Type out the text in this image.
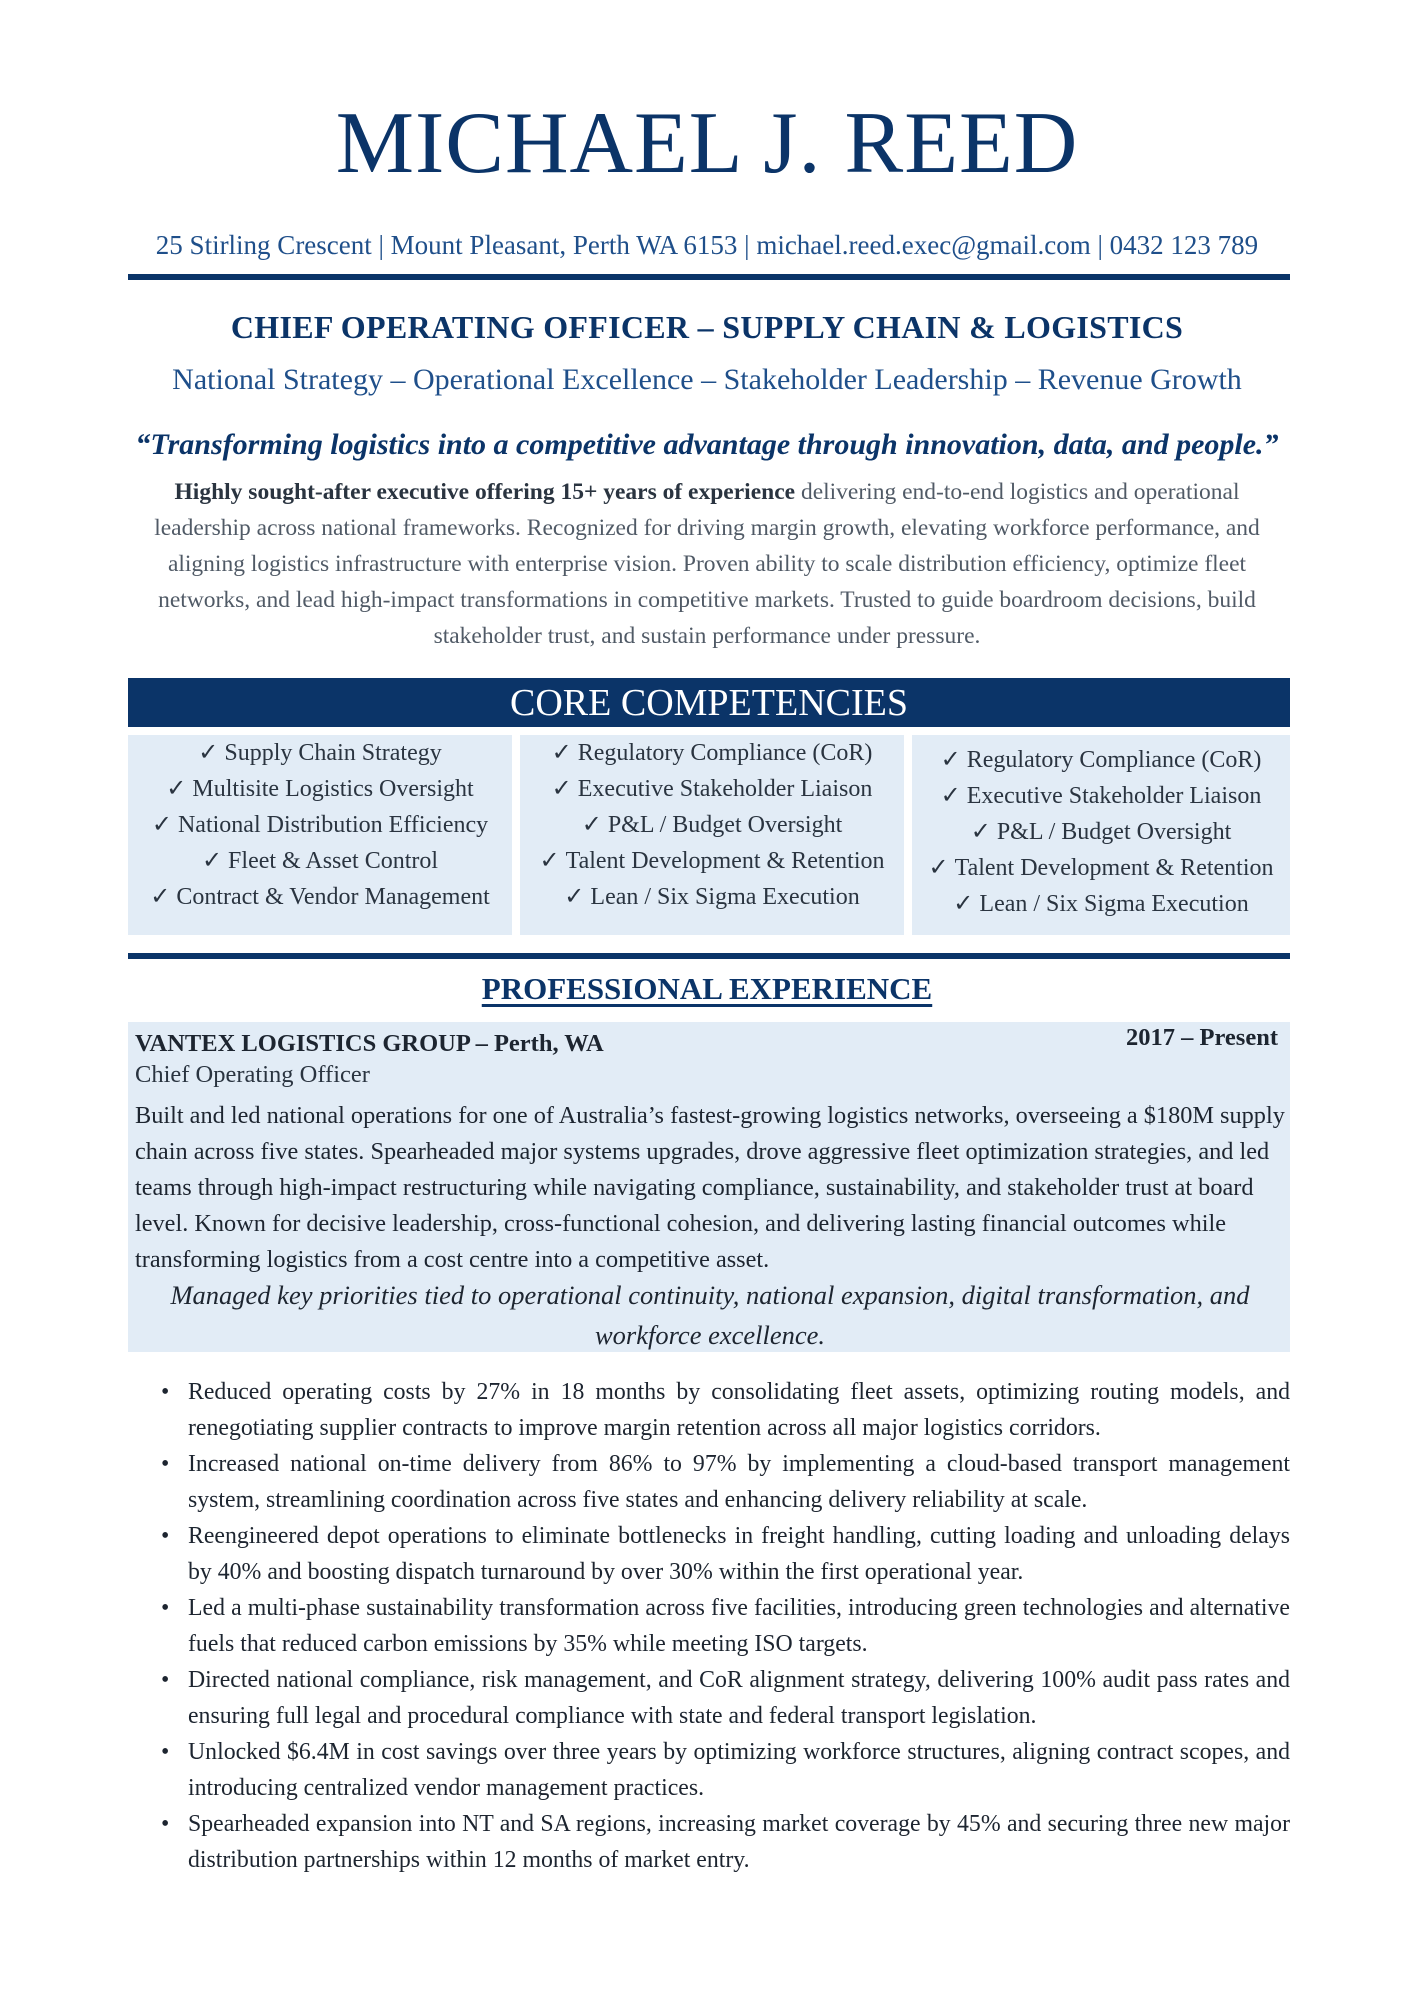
MICHAEL J. REED
25 Stirling Crescent | Mount Pleasant, Perth WA 6153 | michael.reed.exec@gmail.com | 0432 123 789
CHIEF OPERATING OFFICER – SUPPLY CHAIN & LOGISTICS
National Strategy – Operational Excellence – Stakeholder Leadership – Revenue Growth
“Transforming logistics into a competitive advantage through innovation, data, and people.”
Highly sought-after executive offering 15+ years of experience delivering end-to-end logistics and operational leadership across national frameworks. Recognized for driving margin growth, elevating workforce performance, and aligning logistics infrastructure with enterprise vision. Proven ability to scale distribution efficiency, optimize fleet networks, and lead high-impact transformations in competitive markets. Trusted to guide boardroom decisions, build stakeholder trust, and sustain performance under pressure.
CORE COMPETENCIES
✓ Supply Chain Strategy
✓ Multisite Logistics Oversight
✓ National Distribution Efficiency
✓ Fleet & Asset Control
✓ Contract & Vendor Management
✓ Regulatory Compliance (CoR)
✓ Executive Stakeholder Liaison
✓ P&L / Budget Oversight
✓ Talent Development & Retention
✓ Lean / Six Sigma Execution
✓ Regulatory Compliance (CoR)
✓ Executive Stakeholder Liaison
✓ P&L / Budget Oversight
✓ Talent Development & Retention
✓ Lean / Six Sigma Execution
PROFESSIONAL EXPERIENCE
VANTEX LOGISTICS GROUP – Perth, WA	2017 – Present
Chief Operating Officer
Built and led national operations for one of Australia’s fastest-growing logistics networks, overseeing a $180M supply chain across five states. Spearheaded major systems upgrades, drove aggressive fleet optimization strategies, and led teams through high-impact restructuring while navigating compliance, sustainability, and stakeholder trust at board level. Known for decisive leadership, cross-functional cohesion, and delivering lasting financial outcomes while transforming logistics from a cost centre into a competitive asset.
Managed key priorities tied to operational continuity, national expansion, digital transformation, and workforce excellence.
• Reduced operating costs by 27% in 18 months by consolidating fleet assets, optimizing routing models, and renegotiating supplier contracts to improve margin retention across all major logistics corridors.
• Increased national on-time delivery from 86% to 97% by implementing a cloud-based transport management system, streamlining coordination across five states and enhancing delivery reliability at scale.
• Reengineered depot operations to eliminate bottlenecks in freight handling, cutting loading and unloading delays by 40% and boosting dispatch turnaround by over 30% within the first operational year.
• Led a multi-phase sustainability transformation across five facilities, introducing green technologies and alternative fuels that reduced carbon emissions by 35% while meeting ISO targets.
• Directed national compliance, risk management, and CoR alignment strategy, delivering 100% audit pass rates and ensuring full legal and procedural compliance with state and federal transport legislation.
• Unlocked $6.4M in cost savings over three years by optimizing workforce structures, aligning contract scopes, and introducing centralized vendor management practices.
• Spearheaded expansion into NT and SA regions, increasing market coverage by 45% and securing three new major distribution partnerships within 12 months of market entry.
